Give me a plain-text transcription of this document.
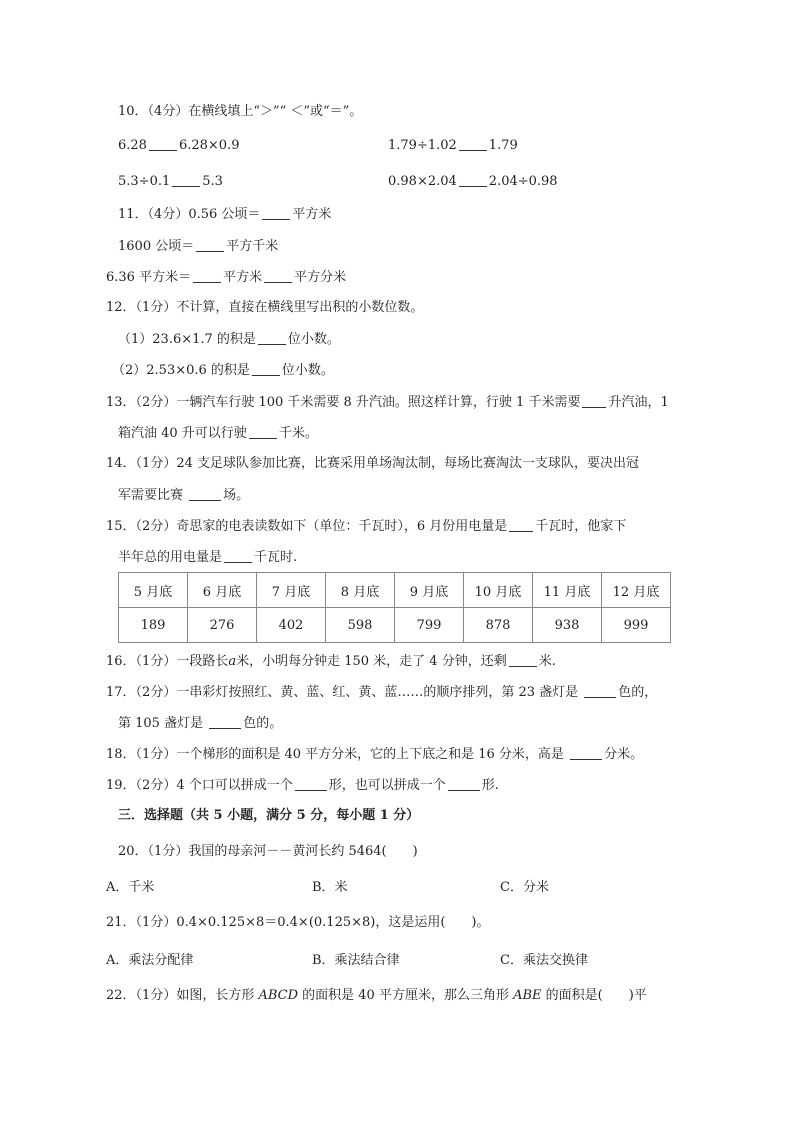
10．（4分）在横线填上“＞”“ ＜”或“＝”。
6.28 6.28×0.9	1.79÷1.02 1.79
5.3÷0.1 5.3	0.98×2.04 2.04÷0.98
11．（4分）0.56 公顷＝ 平方米
1600 公顷＝ 平方千米
6.36 平方米＝ 平方米 平方分米
12．（1分）不计算，直接在横线里写出积的小数位数。
（1）23.6×1.7 的积是 位小数。
（2）2.53×0.6 的积是 位小数。
13．（2分）一辆汽车行驶 100 千米需要 8 升汽油。照这样计算，行驶 1 千米需要 升汽油，1
箱汽油 40 升可以行驶 千米。
14．（1分）24 支足球队参加比赛，比赛采用单场淘汰制，每场比赛淘汰一支球队，要决出冠
军需要比赛	场。
15．（2分）奇思家的电表读数如下（单位：千瓦时），6 月份用电量是 千瓦时，他家下
半年总的用电量是 千瓦时.
5 月底	6 月底	7 月底	8 月底	9 月底	10 月底	11 月底	12 月底
189	276	402	598	799	878	938	999
16．（1分）一段路长a米，小明每分钟走 150 米，走了 4 分钟，还剩 米.
17．（2分）一串彩灯按照红、黄、蓝、红、黄、蓝……的顺序排列，第 23 盏灯是	色的，
第 105 盏灯是	色的。
18．（1分）一个梯形的面积是 40 平方分米，它的上下底之和是 16 分米，高是	分米。
19．（2分）4 个口可以拼成一个	形，也可以拼成一个	形.
三．选择题（共 5 小题，满分 5 分，每小题 1 分）
20．（1分）我国的母亲河－－黄河长约 5464(　　)
A．千米	B．米	C．分米
21．（1分）0.4×0.125×8＝0.4×(0.125×8)，这是运用(　　)。
A．乘法分配律	B．乘法结合律	C．乘法交换律
22．（1分）如图，长方形 ABCD 的面积是 40 平方厘米，那么三角形 ABE 的面积是(　　)平
